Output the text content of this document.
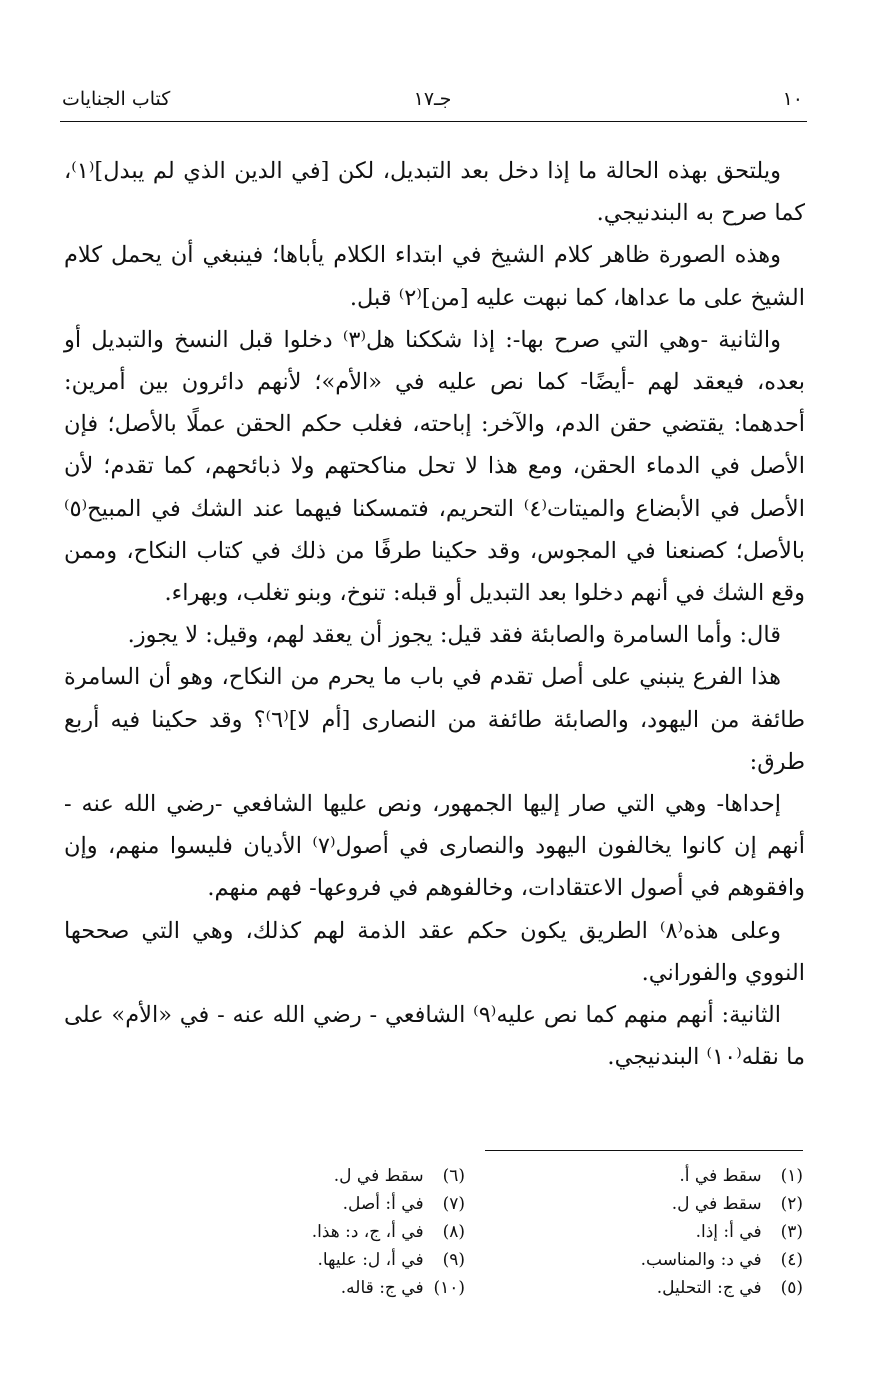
١٠
جـ١٧
كتاب الجنايات

ويلتحق بهذه الحالة ما إذا دخل بعد التبديل، لكن [في الدين الذي لم يبدل]⁽١⁾، كما صرح به البندنيجي.

وهذه الصورة ظاهر كلام الشيخ في ابتداء الكلام يأباها؛ فينبغي أن يحمل كلام الشيخ على ما عداها، كما نبهت عليه [من]⁽٢⁾ قبل.

والثانية -وهي التي صرح بها-: إذا شككنا هل⁽٣⁾ دخلوا قبل النسخ والتبديل أو بعده، فيعقد لهم -أيضًا- كما نص عليه في «الأم»؛ لأنهم دائرون بين أمرين: أحدهما: يقتضي حقن الدم، والآخر: إباحته، فغلب حكم الحقن عملًا بالأصل؛ فإن الأصل في الدماء الحقن، ومع هذا لا تحل مناكحتهم ولا ذبائحهم، كما تقدم؛ لأن الأصل في الأبضاع والميتات⁽٤⁾ التحريم، فتمسكنا فيهما عند الشك في المبيح⁽٥⁾ بالأصل؛ كصنعنا في المجوس، وقد حكينا طرفًا من ذلك في كتاب النكاح، وممن وقع الشك في أنهم دخلوا بعد التبديل أو قبله: تنوخ، وبنو تغلب، وبهراء.

قال: وأما السامرة والصابئة فقد قيل: يجوز أن يعقد لهم، وقيل: لا يجوز.

هذا الفرع ينبني على أصل تقدم في باب ما يحرم من النكاح، وهو أن السامرة طائفة من اليهود، والصابئة طائفة من النصارى [أم لا]⁽٦⁾؟ وقد حكينا فيه أربع طرق:

إحداها- وهي التي صار إليها الجمهور، ونص عليها الشافعي -رضي الله عنه - أنهم إن كانوا يخالفون اليهود والنصارى في أصول⁽٧⁾ الأديان فليسوا منهم، وإن وافقوهم في أصول الاعتقادات، وخالفوهم في فروعها- فهم منهم.

وعلى هذه⁽٨⁾ الطريق يكون حكم عقد الذمة لهم كذلك، وهي التي صححها النووي والفوراني.

الثانية: أنهم منهم كما نص عليه⁽٩⁾ الشافعي - رضي الله عنه - في «الأم» على ما نقله⁽١٠⁾ البندنيجي.

(١) سقط في أ.
(٢) سقط في ل.
(٣) في أ: إذا.
(٤) في د: والمناسب.
(٥) في ج: التحليل.
(٦) سقط في ل.
(٧) في أ: أصل.
(٨) في أ، ج، د: هذا.
(٩) في أ، ل: عليها.
(١٠) في ج: قاله.
